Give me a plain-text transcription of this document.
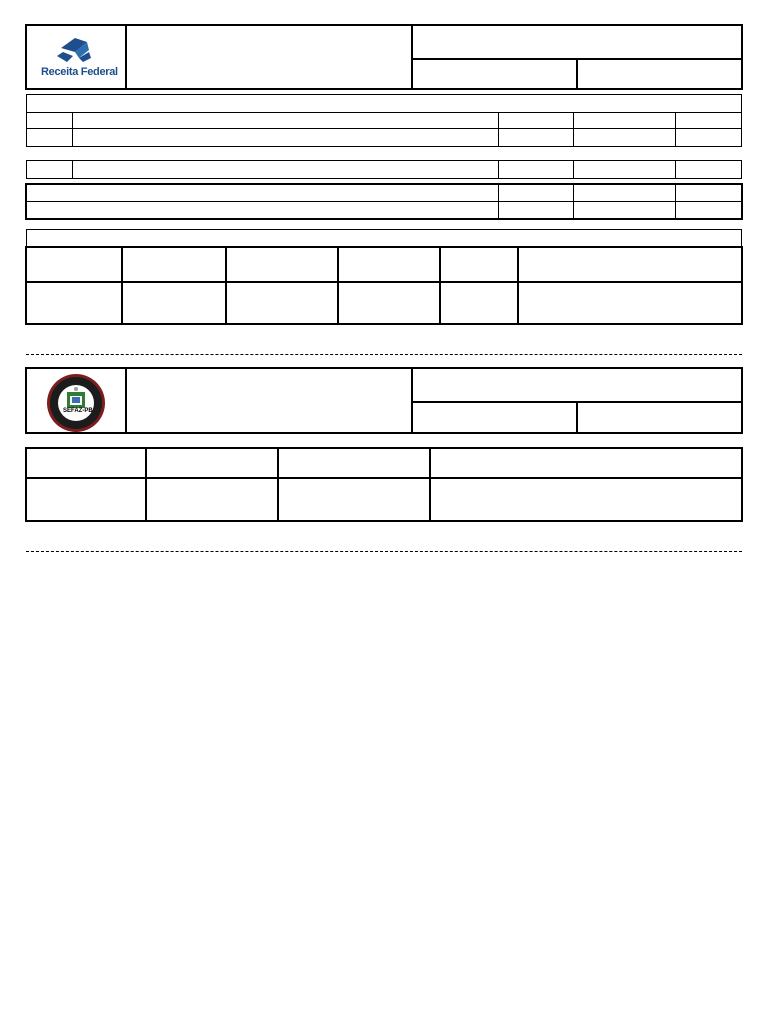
Receita Federal
SEFAZ-PB
